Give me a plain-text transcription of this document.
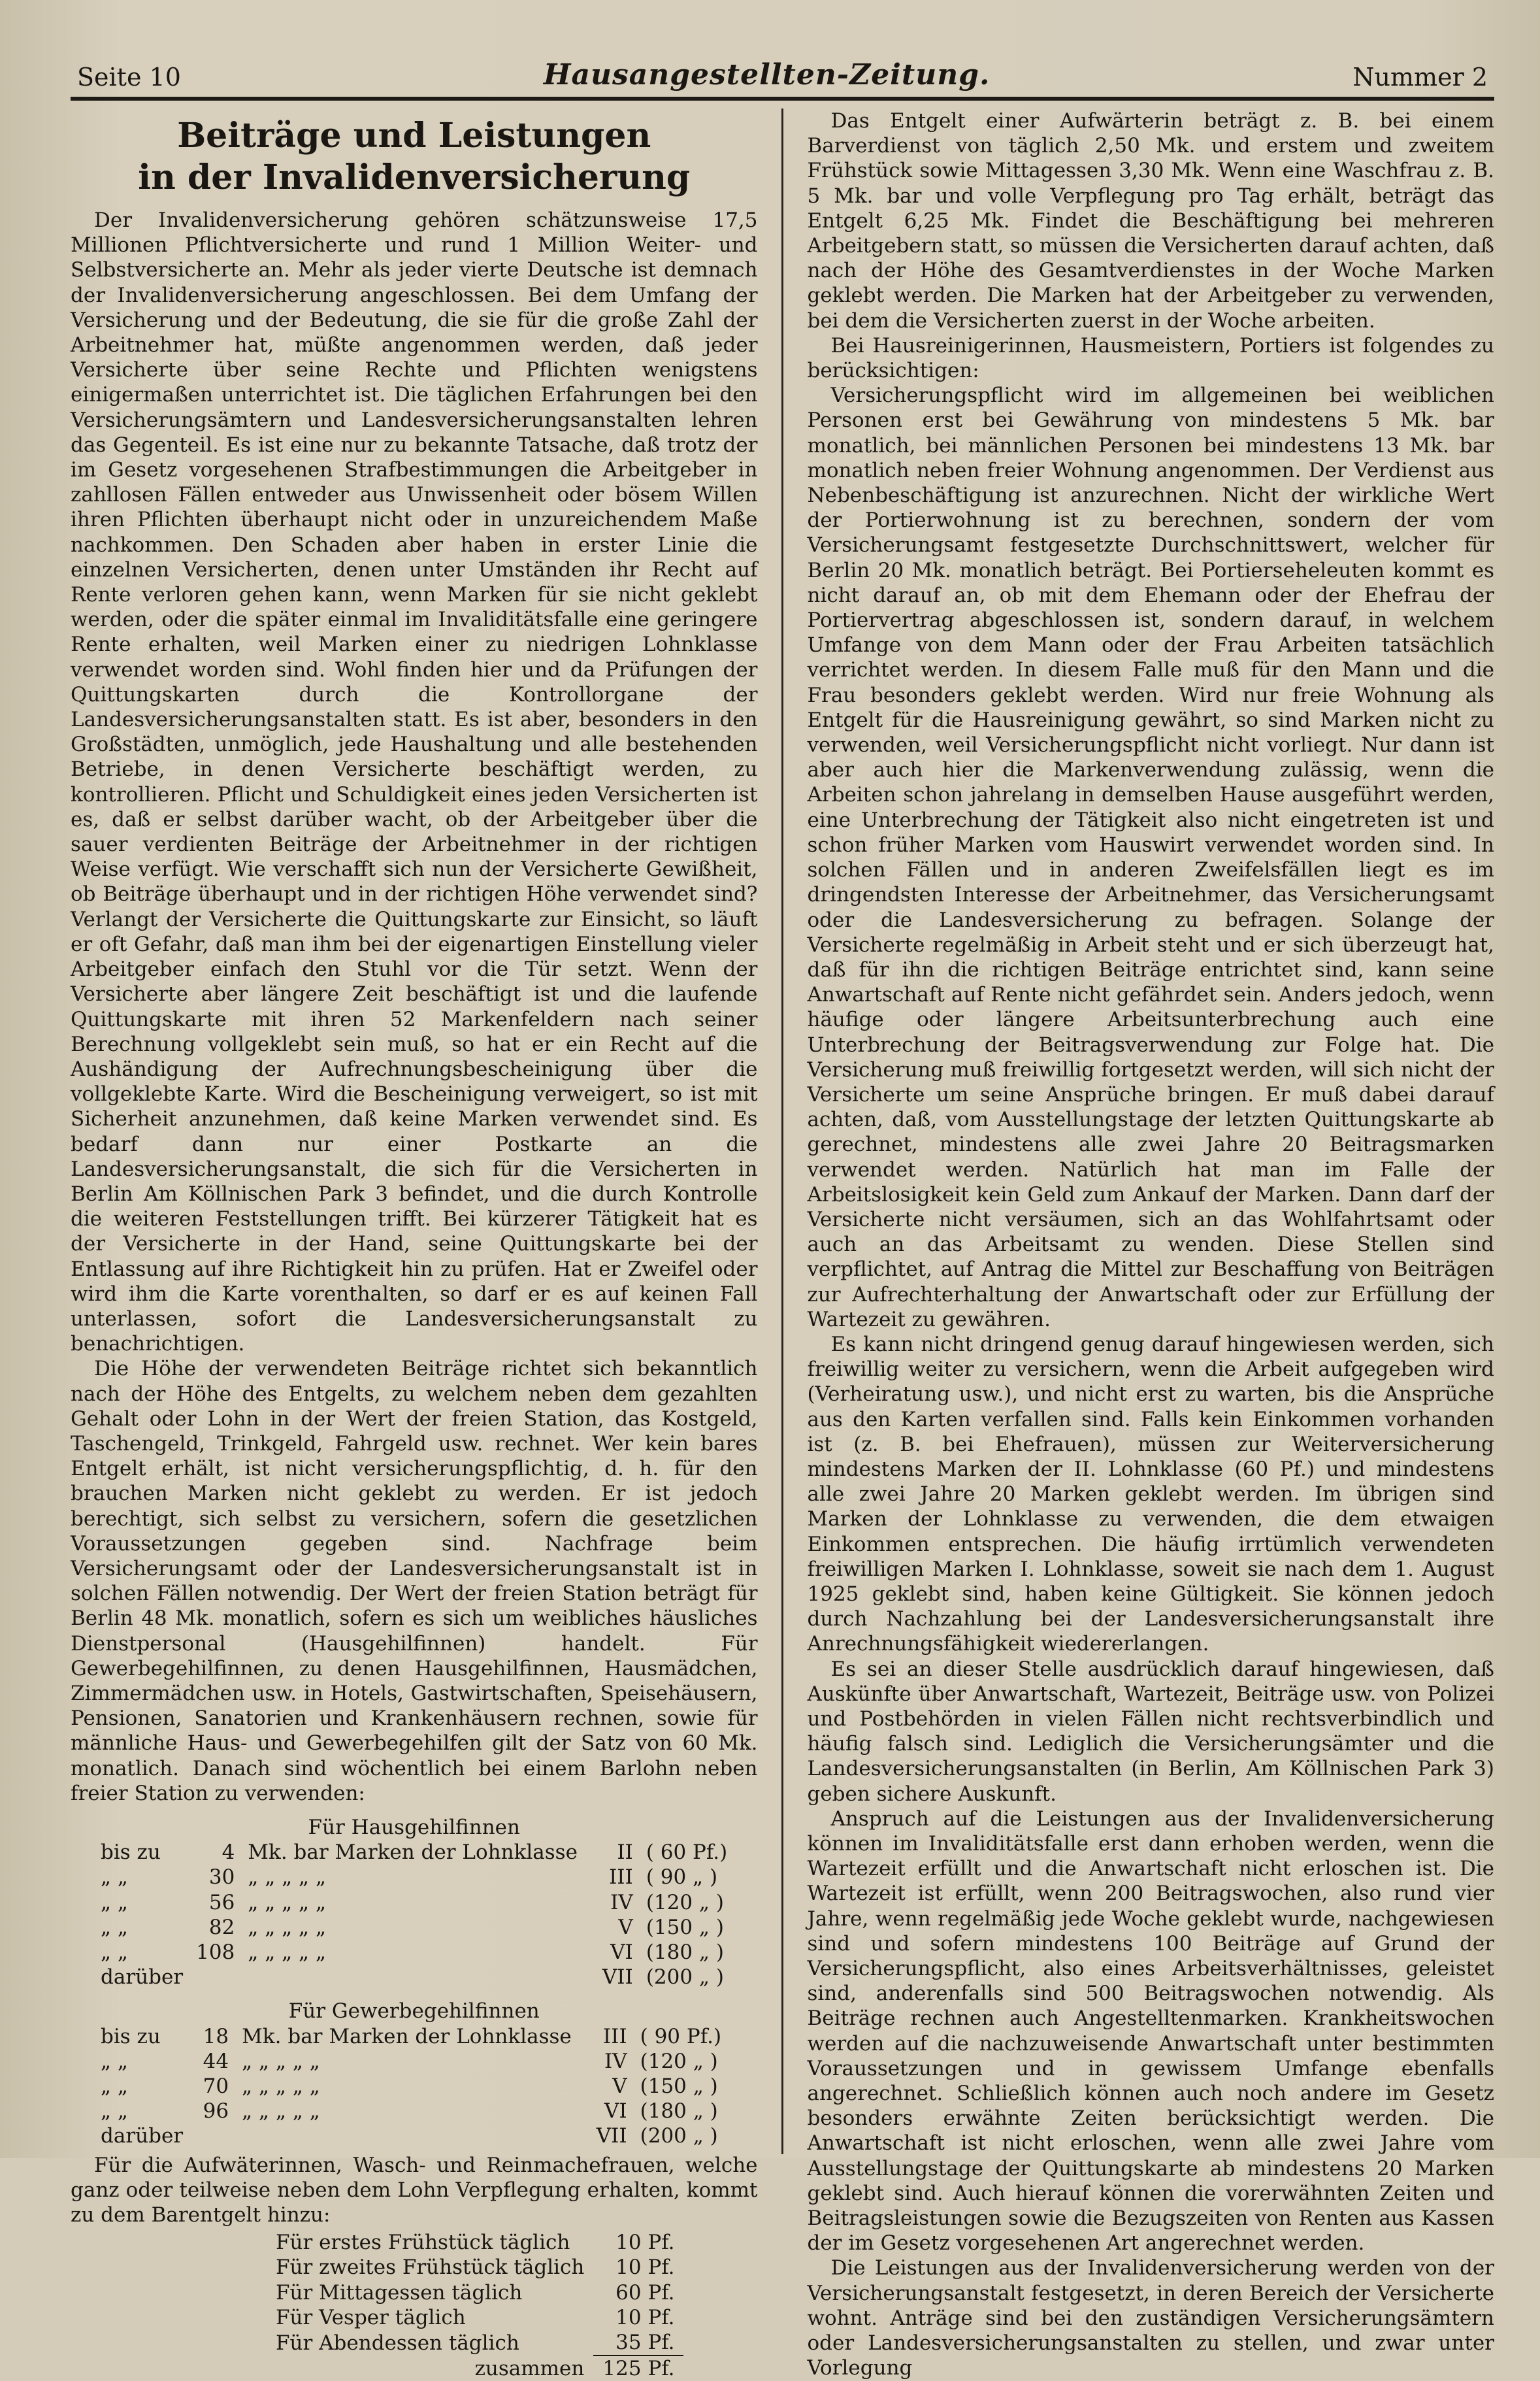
Seite 10	Hausangestellten-Zeitung.	Nummer 2
Beiträge und Leistungen
in der Invalidenversicherung

Der Invalidenversicherung gehören schätzunsweise 17,5 Millionen Pflichtversicherte und rund 1 Million Weiter- und Selbstversicherte an. Mehr als jeder vierte Deutsche ist demnach der Invalidenversicherung angeschlossen. Bei dem Umfang der Versicherung und der Bedeutung, die sie für die große Zahl der Arbeitnehmer hat, müßte angenommen werden, daß jeder Versicherte über seine Rechte und Pflichten wenigstens einigermaßen unterrichtet ist. Die täglichen Erfahrungen bei den Versicherungsämtern und Landesversicherungsanstalten lehren das Gegenteil. Es ist eine nur zu bekannte Tatsache, daß trotz der im Gesetz vorgesehenen Strafbestimmungen die Arbeitgeber in zahllosen Fällen entweder aus Unwissenheit oder bösem Willen ihren Pflichten überhaupt nicht oder in unzureichendem Maße nachkommen. Den Schaden aber haben in erster Linie die einzelnen Versicherten, denen unter Umständen ihr Recht auf Rente verloren gehen kann, wenn Marken für sie nicht geklebt werden, oder die später einmal im Invaliditätsfalle eine geringere Rente erhalten, weil Marken einer zu niedrigen Lohnklasse verwendet worden sind. Wohl finden hier und da Prüfungen der Quittungskarten durch die Kontrollorgane der Landesversicherungsanstalten statt. Es ist aber, besonders in den Großstädten, unmöglich, jede Haushaltung und alle bestehenden Betriebe, in denen Versicherte beschäftigt werden, zu kontrollieren. Pflicht und Schuldigkeit eines jeden Versicherten ist es, daß er selbst darüber wacht, ob der Arbeitgeber über die sauer verdienten Beiträge der Arbeitnehmer in der richtigen Weise verfügt. Wie verschafft sich nun der Versicherte Gewißheit, ob Beiträge überhaupt und in der richtigen Höhe verwendet sind? Verlangt der Versicherte die Quittungskarte zur Einsicht, so läuft er oft Gefahr, daß man ihm bei der eigenartigen Einstellung vieler Arbeitgeber einfach den Stuhl vor die Tür setzt. Wenn der Versicherte aber längere Zeit beschäftigt ist und die laufende Quittungskarte mit ihren 52 Markenfeldern nach seiner Berechnung vollgeklebt sein muß, so hat er ein Recht auf die Aushändigung der Aufrechnungsbescheinigung über die vollgeklebte Karte. Wird die Bescheinigung verweigert, so ist mit Sicherheit anzunehmen, daß keine Marken verwendet sind. Es bedarf dann nur einer Postkarte an die Landesversicherungsanstalt, die sich für die Versicherten in Berlin Am Köllnischen Park 3 befindet, und die durch Kontrolle die weiteren Feststellungen trifft. Bei kürzerer Tätigkeit hat es der Versicherte in der Hand, seine Quittungskarte bei der Entlassung auf ihre Richtigkeit hin zu prüfen. Hat er Zweifel oder wird ihm die Karte vorenthalten, so darf er es auf keinen Fall unterlassen, sofort die Landesversicherungsanstalt zu benachrichtigen.

Die Höhe der verwendeten Beiträge richtet sich bekanntlich nach der Höhe des Entgelts, zu welchem neben dem gezahlten Gehalt oder Lohn in der Wert der freien Station, das Kostgeld, Taschengeld, Trinkgeld, Fahrgeld usw. rechnet. Wer kein bares Entgelt erhält, ist nicht versicherungspflichtig, d. h. für den brauchen Marken nicht geklebt zu werden. Er ist jedoch berechtigt, sich selbst zu versichern, sofern die gesetzlichen Voraussetzungen gegeben sind. Nachfrage beim Versicherungsamt oder der Landesversicherungsanstalt ist in solchen Fällen notwendig. Der Wert der freien Station beträgt für Berlin 48 Mk. monatlich, sofern es sich um weibliches häusliches Dienstpersonal (Hausgehilfinnen) handelt. Für Gewerbegehilfinnen, zu denen Hausgehilfinnen, Hausmädchen, Zimmermädchen usw. in Hotels, Gastwirtschaften, Speisehäusern, Pensionen, Sanatorien und Krankenhäusern rechnen, sowie für männliche Haus- und Gewerbegehilfen gilt der Satz von 60 Mk. monatlich. Danach sind wöchentlich bei einem Barlohn neben freier Station zu verwenden:

Für Hausgehilfinnen
bis zu	4	Mk. bar Marken der Lohnklasse	II	( 60 Pf.)
„ „	30	„ „ „ „ „	III	( 90 „ )
„ „	56	„ „ „ „ „	IV	(120 „ )
„ „	82	„ „ „ „ „	V	(150 „ )
„ „	108	„ „ „ „ „	VI	(180 „ )
darüber			VII	(200 „ )
Für Gewerbegehilfinnen
bis zu	18	Mk. bar Marken der Lohnklasse	III	( 90 Pf.)
„ „	44	„ „ „ „ „	IV	(120 „ )
„ „	70	„ „ „ „ „	V	(150 „ )
„ „	96	„ „ „ „ „	VI	(180 „ )
darüber			VII	(200 „ )

Für die Aufwäterinnen, Wasch- und Reinmachefrauen, welche ganz oder teilweise neben dem Lohn Verpflegung erhalten, kommt zu dem Barentgelt hinzu:

Für erstes Frühstück täglich	10 Pf.
Für zweites Frühstück täglich	10 Pf.
Für Mittagessen täglich	60 Pf.
Für Vesper täglich	10 Pf.
Für Abendessen täglich	35 Pf.
zusammen	125 Pf.

Das Entgelt einer Aufwärterin beträgt z. B. bei einem Barverdienst von täglich 2,50 Mk. und erstem und zweitem Frühstück sowie Mittagessen 3,30 Mk. Wenn eine Waschfrau z. B. 5 Mk. bar und volle Verpflegung pro Tag erhält, beträgt das Entgelt 6,25 Mk. Findet die Beschäftigung bei mehreren Arbeitgebern statt, so müssen die Versicherten darauf achten, daß nach der Höhe des Gesamtverdienstes in der Woche Marken geklebt werden. Die Marken hat der Arbeitgeber zu verwenden, bei dem die Versicherten zuerst in der Woche arbeiten.

Bei Hausreinigerinnen, Hausmeistern, Portiers ist folgendes zu berücksichtigen:

Versicherungspflicht wird im allgemeinen bei weiblichen Personen erst bei Gewährung von mindestens 5 Mk. bar monatlich, bei männlichen Personen bei mindestens 13 Mk. bar monatlich neben freier Wohnung angenommen. Der Verdienst aus Nebenbeschäftigung ist anzurechnen. Nicht der wirkliche Wert der Portierwohnung ist zu berechnen, sondern der vom Versicherungsamt festgesetzte Durchschnittswert, welcher für Berlin 20 Mk. monatlich beträgt. Bei Portierseheleuten kommt es nicht darauf an, ob mit dem Ehemann oder der Ehefrau der Portiervertrag abgeschlossen ist, sondern darauf, in welchem Umfange von dem Mann oder der Frau Arbeiten tatsächlich verrichtet werden. In diesem Falle muß für den Mann und die Frau besonders geklebt werden. Wird nur freie Wohnung als Entgelt für die Hausreinigung gewährt, so sind Marken nicht zu verwenden, weil Versicherungspflicht nicht vorliegt. Nur dann ist aber auch hier die Markenverwendung zulässig, wenn die Arbeiten schon jahrelang in demselben Hause ausgeführt werden, eine Unterbrechung der Tätigkeit also nicht eingetreten ist und schon früher Marken vom Hauswirt verwendet worden sind. In solchen Fällen und in anderen Zweifelsfällen liegt es im dringendsten Interesse der Arbeitnehmer, das Versicherungsamt oder die Landesversicherung zu befragen. Solange der Versicherte regelmäßig in Arbeit steht und er sich überzeugt hat, daß für ihn die richtigen Beiträge entrichtet sind, kann seine Anwartschaft auf Rente nicht gefährdet sein. Anders jedoch, wenn häufige oder längere Arbeitsunterbrechung auch eine Unterbrechung der Beitragsverwendung zur Folge hat. Die Versicherung muß freiwillig fortgesetzt werden, will sich nicht der Versicherte um seine Ansprüche bringen. Er muß dabei darauf achten, daß, vom Ausstellungstage der letzten Quittungskarte ab gerechnet, mindestens alle zwei Jahre 20 Beitragsmarken verwendet werden. Natürlich hat man im Falle der Arbeitslosigkeit kein Geld zum Ankauf der Marken. Dann darf der Versicherte nicht versäumen, sich an das Wohlfahrtsamt oder auch an das Arbeitsamt zu wenden. Diese Stellen sind verpflichtet, auf Antrag die Mittel zur Beschaffung von Beiträgen zur Aufrechterhaltung der Anwartschaft oder zur Erfüllung der Wartezeit zu gewähren.

Es kann nicht dringend genug darauf hingewiesen werden, sich freiwillig weiter zu versichern, wenn die Arbeit aufgegeben wird (Verheiratung usw.), und nicht erst zu warten, bis die Ansprüche aus den Karten verfallen sind. Falls kein Einkommen vorhanden ist (z. B. bei Ehefrauen), müssen zur Weiterversicherung mindestens Marken der II. Lohnklasse (60 Pf.) und mindestens alle zwei Jahre 20 Marken geklebt werden. Im übrigen sind Marken der Lohnklasse zu verwenden, die dem etwaigen Einkommen entsprechen. Die häufig irrtümlich verwendeten freiwilligen Marken I. Lohnklasse, soweit sie nach dem 1. August 1925 geklebt sind, haben keine Gültigkeit. Sie können jedoch durch Nachzahlung bei der Landesversicherungsanstalt ihre Anrechnungsfähigkeit wiedererlangen.

Es sei an dieser Stelle ausdrücklich darauf hingewiesen, daß Auskünfte über Anwartschaft, Wartezeit, Beiträge usw. von Polizei und Postbehörden in vielen Fällen nicht rechtsverbindlich und häufig falsch sind. Lediglich die Versicherungsämter und die Landesversicherungsanstalten (in Berlin, Am Köllnischen Park 3) geben sichere Auskunft.

Anspruch auf die Leistungen aus der Invalidenversicherung können im Invaliditätsfalle erst dann erhoben werden, wenn die Wartezeit erfüllt und die Anwartschaft nicht erloschen ist. Die Wartezeit ist erfüllt, wenn 200 Beitragswochen, also rund vier Jahre, wenn regelmäßig jede Woche geklebt wurde, nachgewiesen sind und sofern mindestens 100 Beiträge auf Grund der Versicherungspflicht, also eines Arbeitsverhältnisses, geleistet sind, anderenfalls sind 500 Beitragswochen notwendig. Als Beiträge rechnen auch Angestelltenmarken. Krankheitswochen werden auf die nachzuweisende Anwartschaft unter bestimmten Voraussetzungen und in gewissem Umfange ebenfalls angerechnet. Schließlich können auch noch andere im Gesetz besonders erwähnte Zeiten berücksichtigt werden. Die Anwartschaft ist nicht erloschen, wenn alle zwei Jahre vom Ausstellungstage der Quittungskarte ab mindestens 20 Marken geklebt sind. Auch hierauf können die vorerwähnten Zeiten und Beitragsleistungen sowie die Bezugszeiten von Renten aus Kassen der im Gesetz vorgesehenen Art angerechnet werden.

Die Leistungen aus der Invalidenversicherung werden von der Versicherungsanstalt festgesetzt, in deren Bereich der Versicherte wohnt. Anträge sind bei den zuständigen Versicherungsämtern oder Landesversicherungsanstalten zu stellen, und zwar unter Vorlegung
